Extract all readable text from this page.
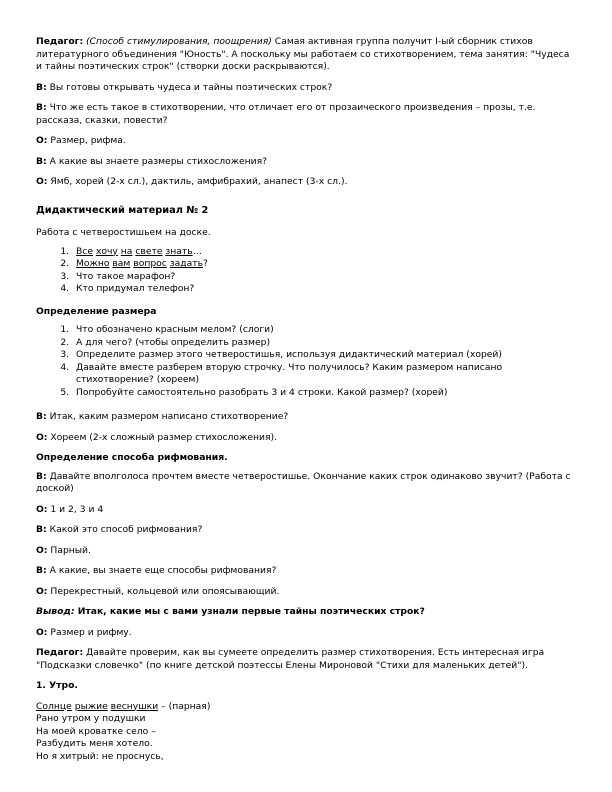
Педагог: (Способ стимулирования, поощрения) Самая активная группа получит I-ый сборник стихов литературного объединения "Юность". А поскольку мы работаем со стихотворением, тема занятия: "Чудеса и тайны поэтических строк" (створки доски раскрываются).

В: Вы готовы открывать чудеса и тайны поэтических строк?

В: Что же есть такое в стихотворении, что отличает его от прозаического произведения – прозы, т.е. рассказа, сказки, повести?

О: Размер, рифма.

В: А какие вы знаете размеры стихосложения?

О: Ямб, хорей (2-х сл.), дактиль, амфибрахий, анапест (3-х сл.).

Дидактический материал № 2

Работа с четверостишьем на доске.

1. Все хочу на свете знать…
2. Можно вам вопрос задать?
3. Что такое марафон?
4. Кто придумал телефон?
Определение размера
1. Что обозначено красным мелом? (слоги)
2. А для чего? (чтобы определить размер)
3. Определите размер этого четверостишья, используя дидактический материал (хорей)
4. Давайте вместе разберем вторую строчку. Что получилось? Каким размером написано стихотворение? (хореем)
5. Попробуйте самостоятельно разобрать 3 и 4 строки. Какой размер? (хорей)

В: Итак, каким размером написано стихотворение?

О: Хореем (2-х сложный размер стихосложения).

Определение способа рифмования.

В: Давайте вполголоса прочтем вместе четверостишье. Окончание каких строк одинаково звучит? (Работа с доской)

О: 1 и 2, 3 и 4

В: Какой это способ рифмования?

О: Парный.

В: А какие, вы знаете еще способы рифмования?

О: Перекрестный, кольцевой или опоясывающий.

Вывод: Итак, какие мы с вами узнали первые тайны поэтических строк?

О: Размер и рифму.

Педагог: Давайте проверим, как вы сумеете определить размер стихотворения. Есть интересная игра "Подсказки словечко" (по книге детской поэтессы Елены Мироновой "Стихи для маленьких детей").

1. Утро.

Солнце рыжие веснушки – (парная)
Рано утром у подушки
На моей кроватке село –
Разбудить меня хотело.
Но я хитрый: не проснусь,
